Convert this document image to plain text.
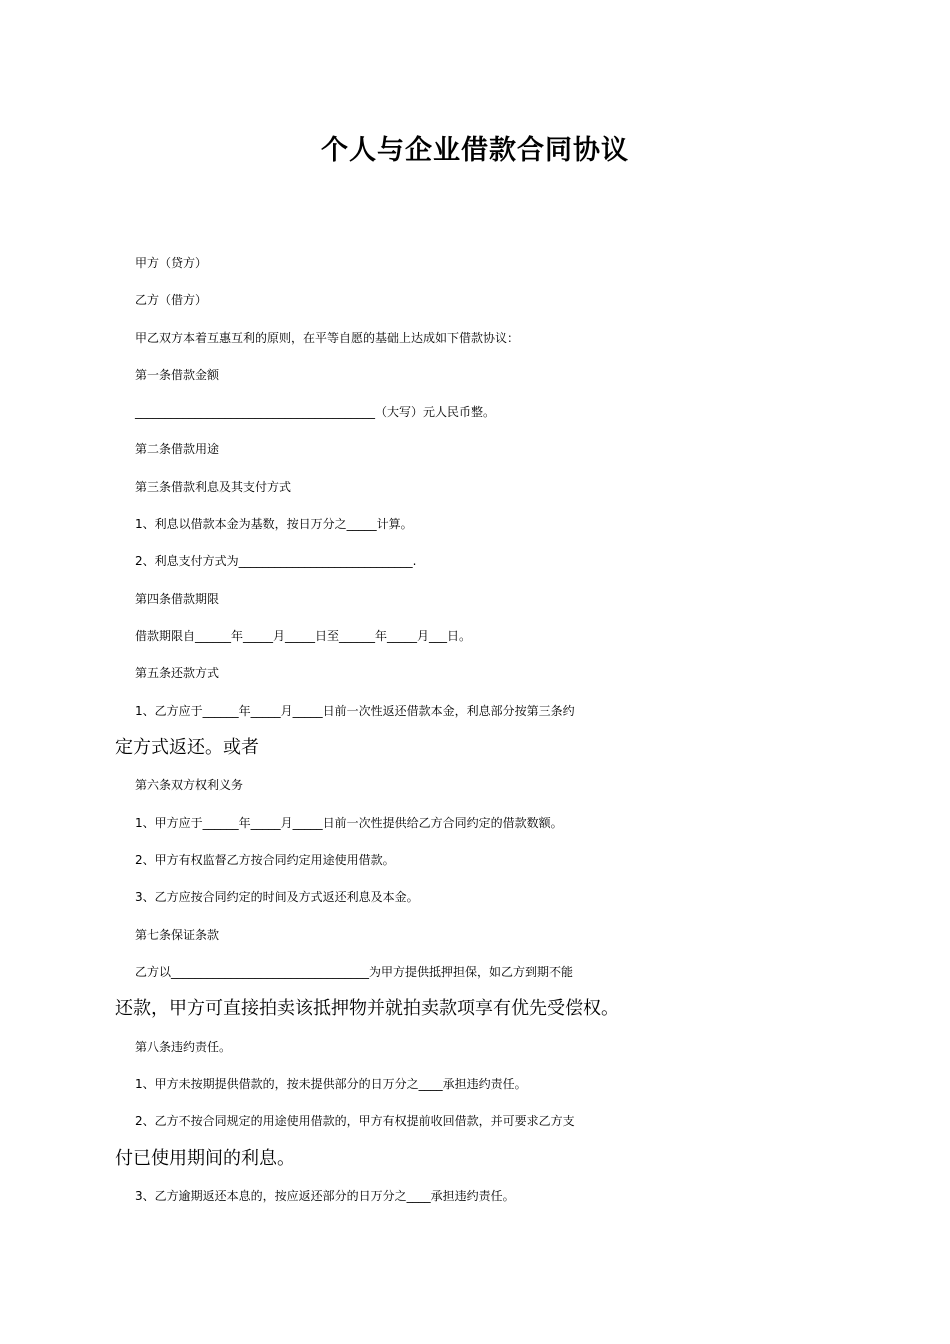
个人与企业借款合同协议
甲方（贷方）
乙方（借方）
甲乙双方本着互惠互利的原则，在平等自愿的基础上达成如下借款协议：
第一条借款金额
________________________________________（大写）元人民币整。
第二条借款用途
第三条借款利息及其支付方式
1、利息以借款本金为基数，按日万分之_____计算。
2、利息支付方式为_____________________________.
第四条借款期限
借款期限自______年_____月_____日至______年_____月___日。
第五条还款方式
1、乙方应于______年_____月_____日前一次性返还借款本金，利息部分按第三条约
定方式返还。或者
第六条双方权利义务
1、甲方应于______年_____月_____日前一次性提供给乙方合同约定的借款数额。
2、甲方有权监督乙方按合同约定用途使用借款。
3、乙方应按合同约定的时间及方式返还利息及本金。
第七条保证条款
乙方以_________________________________为甲方提供抵押担保，如乙方到期不能
还款，甲方可直接拍卖该抵押物并就拍卖款项享有优先受偿权。
第八条违约责任。
1、甲方未按期提供借款的，按未提供部分的日万分之____承担违约责任。
2、乙方不按合同规定的用途使用借款的，甲方有权提前收回借款，并可要求乙方支
付已使用期间的利息。
3、乙方逾期返还本息的，按应返还部分的日万分之____承担违约责任。
